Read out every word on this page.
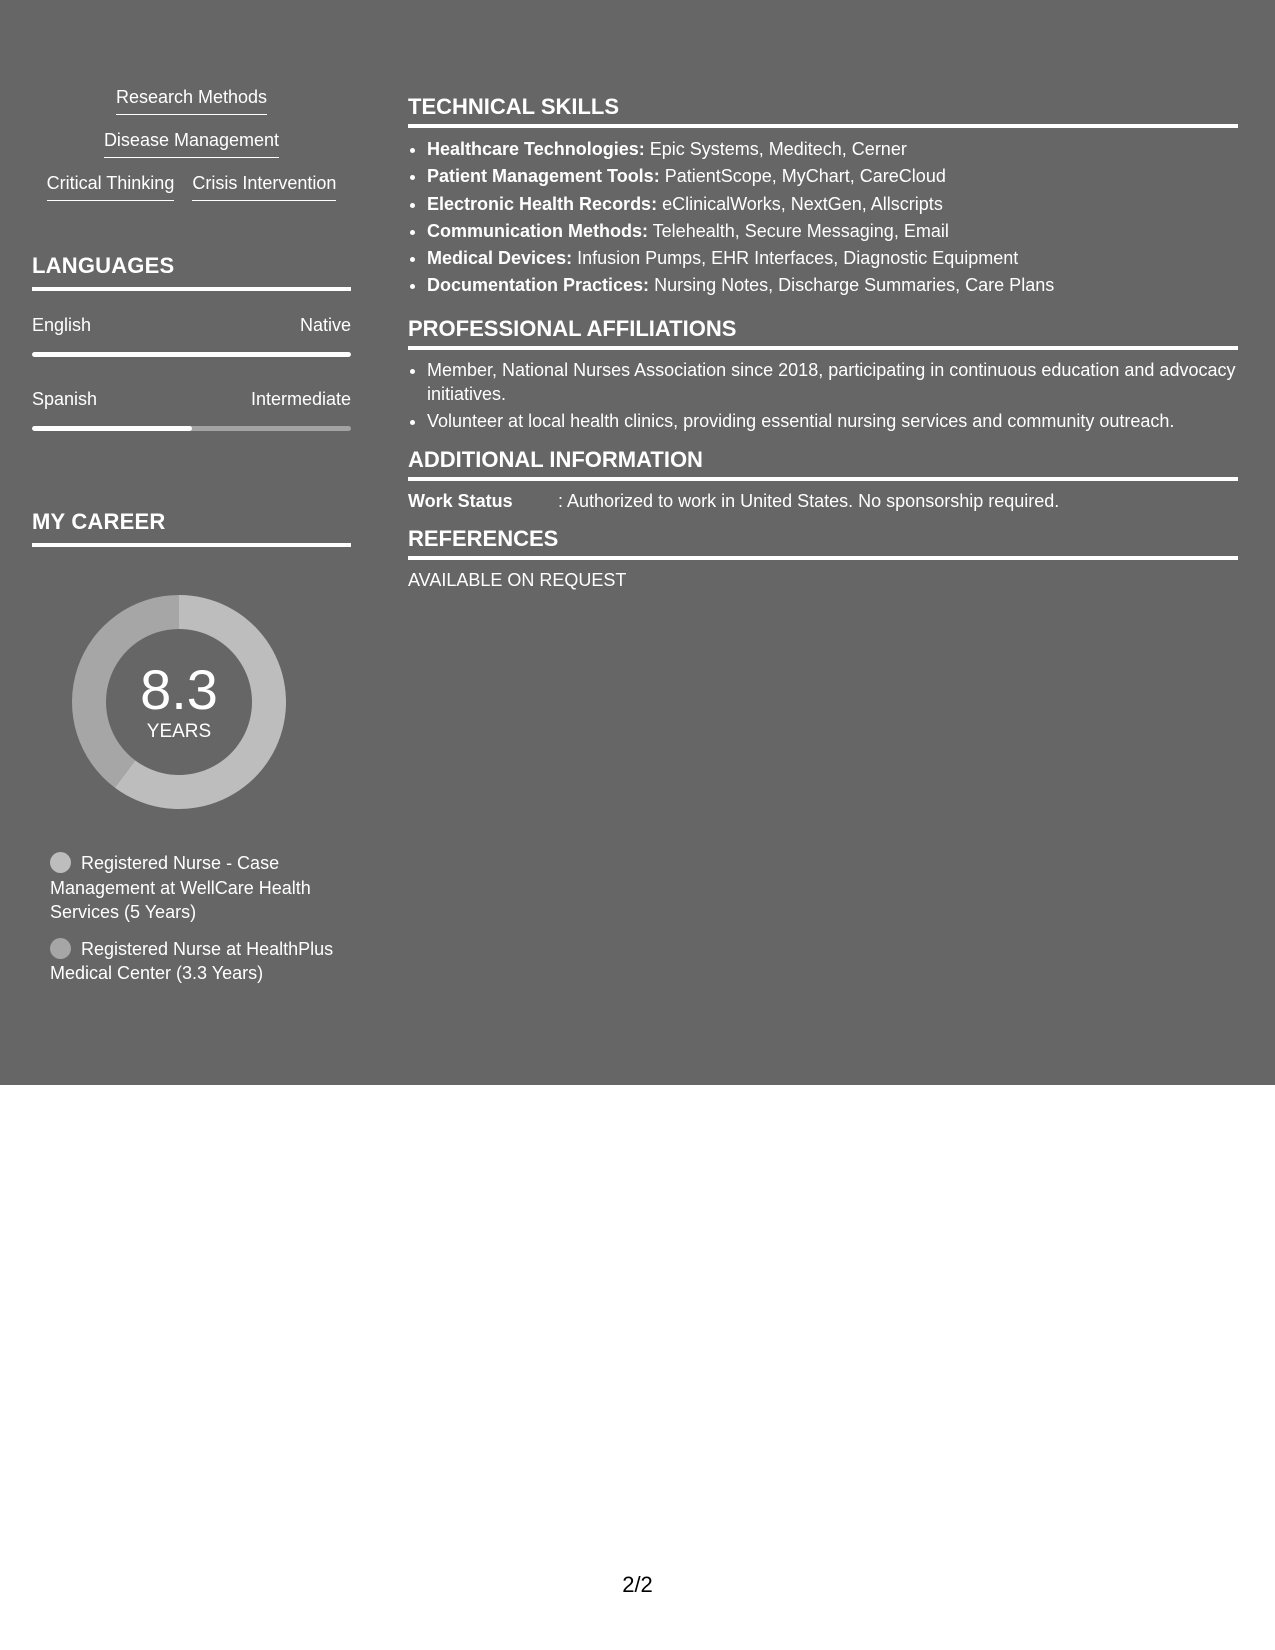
Research Methods
Disease Management
Critical Thinking Crisis Intervention
LANGUAGES
English	Native
Spanish	Intermediate
MY CAREER
8.3
YEARS
Registered Nurse - Case Management at WellCare Health Services (5 Years)
Registered Nurse at HealthPlus Medical Center (3.3 Years)
TECHNICAL SKILLS
• Healthcare Technologies: Epic Systems, Meditech, Cerner
• Patient Management Tools: PatientScope, MyChart, CareCloud
• Electronic Health Records: eClinicalWorks, NextGen, Allscripts
• Communication Methods: Telehealth, Secure Messaging, Email
• Medical Devices: Infusion Pumps, EHR Interfaces, Diagnostic Equipment
• Documentation Practices: Nursing Notes, Discharge Summaries, Care Plans
PROFESSIONAL AFFILIATIONS
• Member, National Nurses Association since 2018, participating in continuous education and advocacy initiatives.
• Volunteer at local health clinics, providing essential nursing services and community outreach.
ADDITIONAL INFORMATION
Work Status	: Authorized to work in United States. No sponsorship required.
REFERENCES
AVAILABLE ON REQUEST
2/2
